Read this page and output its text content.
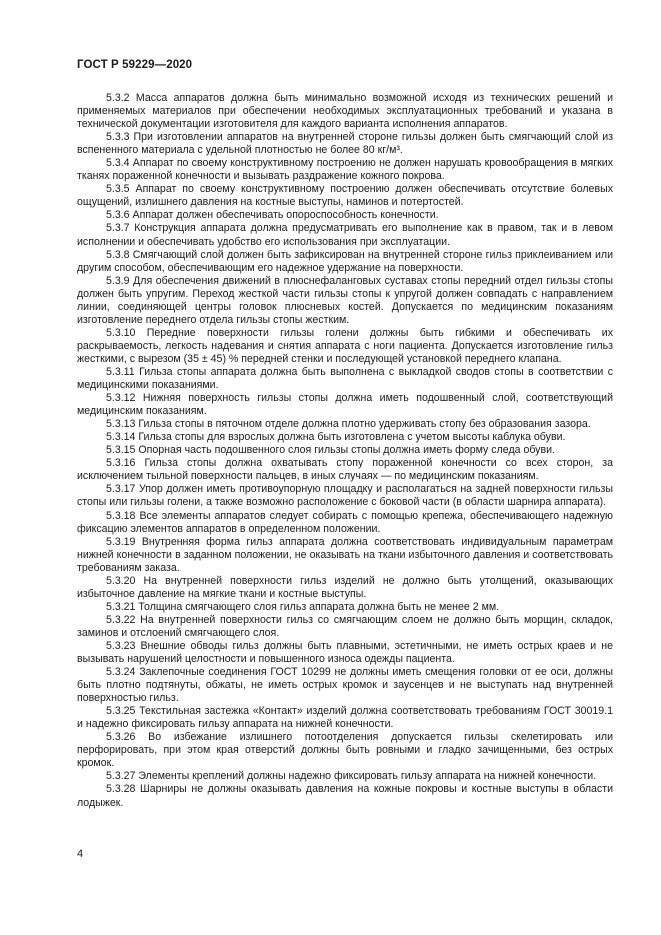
ГОСТ Р 59229—2020

5.3.2 Масса аппаратов должна быть минимально возможной исходя из технических решений и применяемых материалов при обеспечении необходимых эксплуатационных требований и указана в технической документации изготовителя для каждого варианта исполнения аппаратов.

5.3.3 При изготовлении аппаратов на внутренней стороне гильзы должен быть смягчающий слой из вспененного материала с удельной плотностью не более 80 кг/м³.

5.3.4 Аппарат по своему конструктивному построению не должен нарушать кровообращения в мягких тканях пораженной конечности и вызывать раздражение кожного покрова.

5.3.5 Аппарат по своему конструктивному построению должен обеспечивать отсутствие болевых ощущений, излишнего давления на костные выступы, наминов и потертостей.

5.3.6 Аппарат должен обеспечивать опороспособность конечности.

5.3.7 Конструкция аппарата должна предусматривать его выполнение как в правом, так и в левом исполнении и обеспечивать удобство его использования при эксплуатации.

5.3.8 Смягчающий слой должен быть зафиксирован на внутренней стороне гильз приклеиванием или другим способом, обеспечивающим его надежное удержание на поверхности.

5.3.9 Для обеспечения движений в плюснефаланговых суставах стопы передний отдел гильзы стопы должен быть упругим. Переход жесткой части гильзы стопы к упругой должен совпадать с направлением линии, соединяющей центры головок плюсневых костей. Допускается по медицинским показаниям изготовление переднего отдела гильзы стопы жестким.

5.3.10 Передние поверхности гильзы голени должны быть гибкими и обеспечивать их раскрываемость, легкость надевания и снятия аппарата с ноги пациента. Допускается изготовление гильз жесткими, с вырезом (35 ± 45) % передней стенки и последующей установкой переднего клапана.

5.3.11 Гильза стопы аппарата должна быть выполнена с выкладкой сводов стопы в соответствии с медицинскими показаниями.

5.3.12 Нижняя поверхность гильзы стопы должна иметь подошвенный слой, соответствующий медицинским показаниям.

5.3.13 Гильза стопы в пяточном отделе должна плотно удерживать стопу без образования зазора.

5.3.14 Гильза стопы для взрослых должна быть изготовлена с учетом высоты каблука обуви.

5.3.15 Опорная часть подошвенного слоя гильзы стопы должна иметь форму следа обуви.

5.3.16 Гильза стопы должна охватывать стопу пораженной конечности со всех сторон, за исключением тыльной поверхности пальцев, в иных случаях — по медицинским показаниям.

5.3.17 Упор должен иметь противоупорную площадку и располагаться на задней поверхности гильзы стопы или гильзы голени, а также возможно расположение с боковой части (в области шарнира аппарата).

5.3.18 Все элементы аппаратов следует собирать с помощью крепежа, обеспечивающего надежную фиксацию элементов аппаратов в определенном положении.

5.3.19 Внутренняя форма гильз аппарата должна соответствовать индивидуальным параметрам нижней конечности в заданном положении, не оказывать на ткани избыточного давления и соответствовать требованиям заказа.

5.3.20 На внутренней поверхности гильз изделий не должно быть утолщений, оказывающих избыточное давление на мягкие ткани и костные выступы.

5.3.21 Толщина смягчающего слоя гильз аппарата должна быть не менее 2 мм.

5.3.22 На внутренней поверхности гильз со смягчающим слоем не должно быть морщин, складок, заминов и отслоений смягчающего слоя.

5.3.23 Внешние обводы гильз должны быть плавными, эстетичными, не иметь острых краев и не вызывать нарушений целостности и повышенного износа одежды пациента.

5.3.24 Заклепочные соединения ГОСТ 10299 не должны иметь смещения головки от ее оси, должны быть плотно подтянуты, обжаты, не иметь острых кромок и заусенцев и не выступать над внутренней поверхностью гильз.

5.3.25 Текстильная застежка «Контакт» изделий должна соответствовать требованиям ГОСТ 30019.1 и надежно фиксировать гильзу аппарата на нижней конечности.

5.3.26 Во избежание излишнего потоотделения допускается гильзы скелетировать или перфорировать, при этом края отверстий должны быть ровными и гладко зачищенными, без острых кромок.

5.3.27 Элементы креплений должны надежно фиксировать гильзу аппарата на нижней конечности.

5.3.28 Шарниры не должны оказывать давления на кожные покровы и костные выступы в области лодыжек.

4
